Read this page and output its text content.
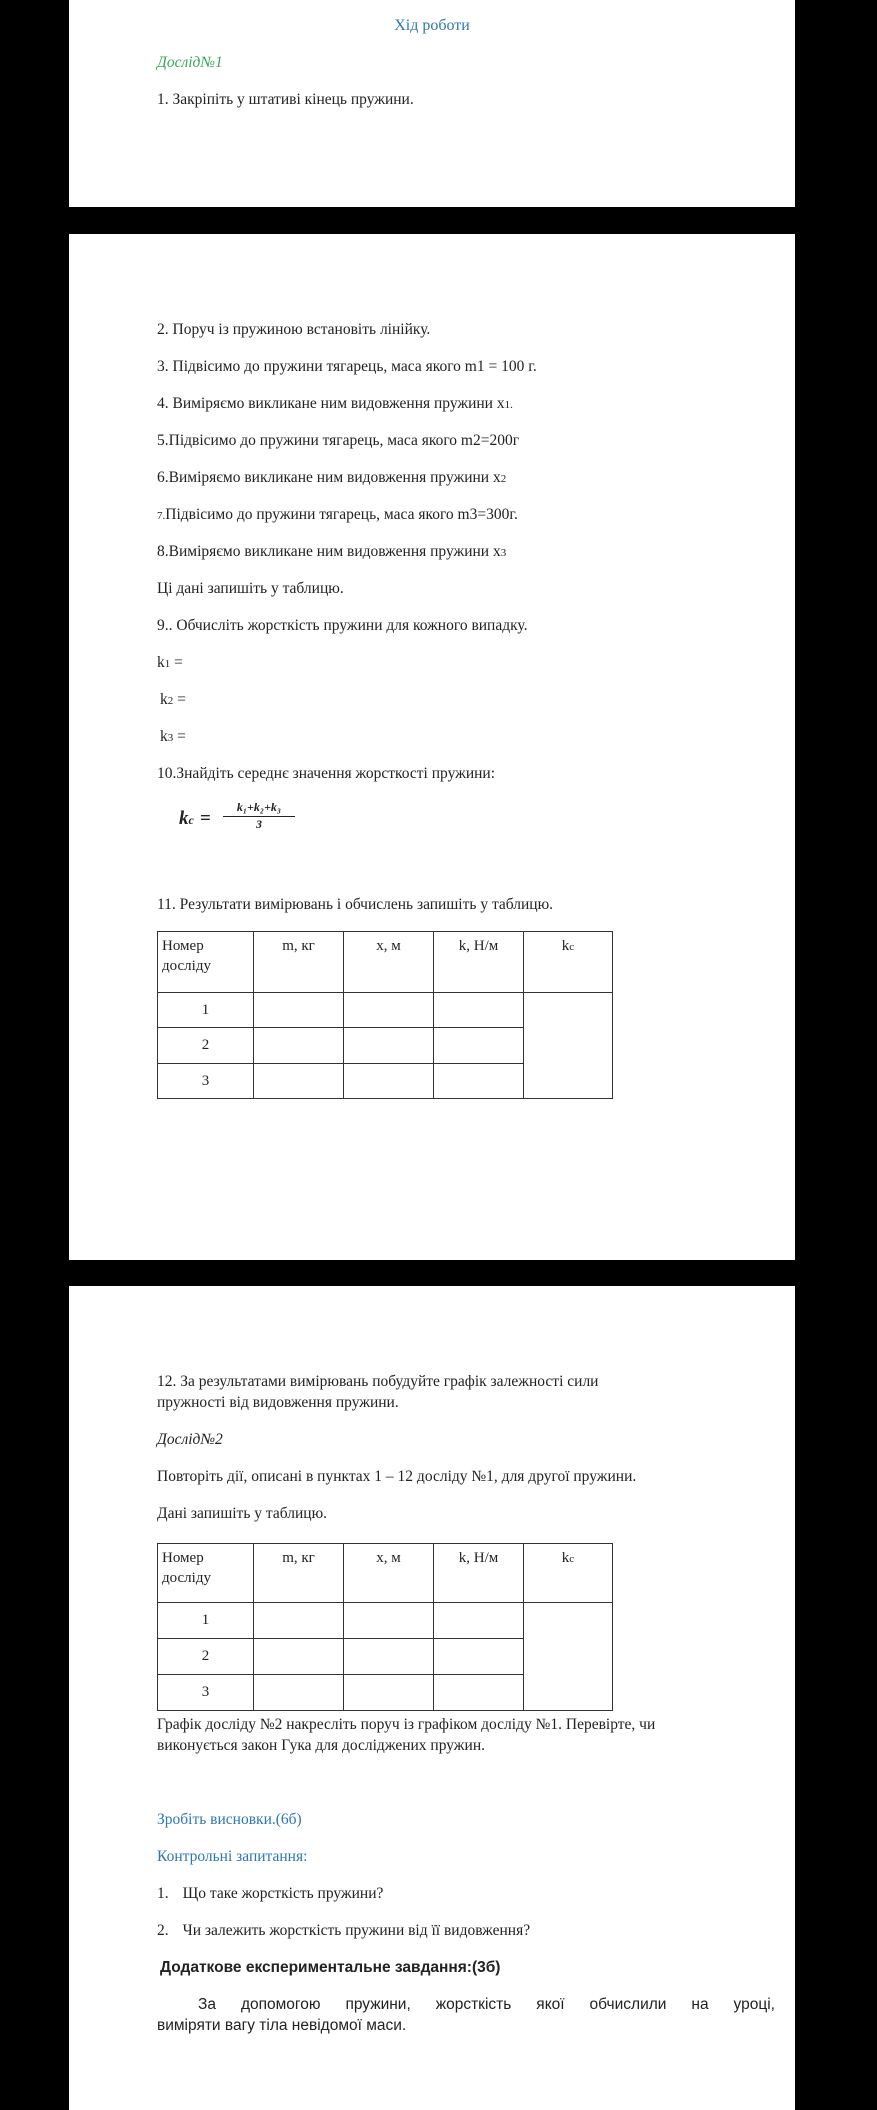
Хід роботи
Дослід№1
1. Закріпіть у штативі кінець пружини.
2. Поруч із пружиною встановіть лінійку.
3. Підвісимо до пружини тягарець, маса якого m1 = 100 г.
4. Виміряємо викликане ним видовження пружини x1.
5.Підвісимо до пружини тягарець, маса якого m2=200г
6.Виміряємо викликане ним видовження пружини x2
7.Підвісимо до пружини тягарець, маса якого m3=300г.
8.Виміряємо викликане ним видовження пружини x3
Ці дані запишіть у таблицю.
9.. Обчисліть жорсткість пружини для кожного випадку.
k1 =
k2 =
k3 =
10.Знайдіть середнє значення жорсткості пружини:
kc = $\frac{\text{k₁+k₂+k₃}}{3}$
11. Результати вимірювань і обчислень запишіть у таблицю.
Номер досліду	m, кг	x, м	k, Н/м	kc
1				
2				
3				
12. За результатами вимірювань побудуйте графік залежності сили
пружності від видовження пружини.
Дослід№2
Повторіть дії, описані в пунктах 1 – 12 досліду №1, для другої пружини.
Дані запишіть у таблицю.
Номер досліду	m, кг	x, м	k, Н/м	kc
1				
2				
3				
Графік досліду №2 накресліть поруч із графіком досліду №1. Перевірте, чи
виконується закон Гука для досліджених пружин.
Зробіть висновки.(6б)
Контрольні запитання:
1. Що таке жорсткість пружини?
2. Чи залежить жорсткість пружини від її видовження?
Додаткове експериментальне завдання:(3б)
За допомогою пружини, жорсткість якої обчислили на уроці,
виміряти вагу тіла невідомої маси.
